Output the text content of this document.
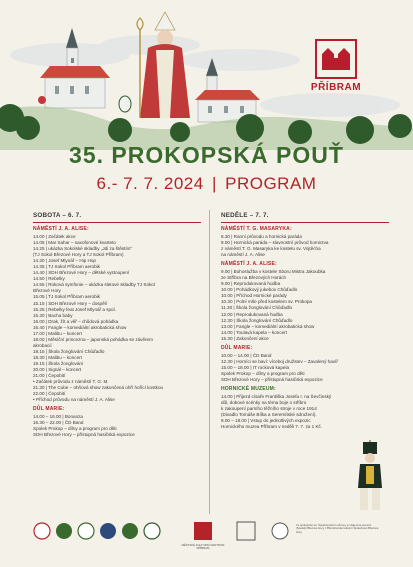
PŘÍBRAM
35. PROKOPSKÁ POUŤ
6.- 7. 7. 2024 | PROGRAM
SOBOTA – 6. 7.
NÁMĚSTÍ J. A. ALISE:
14.00 | Začátek akce
14.05 | Mar Sahar – saxofonové kvarteto
14.25 | ukázka Sokolské skladby „Jdi za štěstím“
(TJ Sokol Březové Hory a TJ Sokol Příbram)
14.30 | Josef Mlynář – Hip Hop
14.35 | TJ Sokol Příbram aerobik
14.40 | SDH Březové Hory – dětské vystoupení
14.50 | Rebelky
14.55 | Roková symfonie – ukázka sletové skladby TJ Sokol
Březové Hory
15.05 | TJ Sokol Příbram aerobik
15.15 | SDH Březové Hory – dospělí
15.25 | Rebelky feat Josef Mlynář a spol.
15.30 | Bacha baby
16.00 | Drak, žít a věř – chůdová pohádka
16.40 | Fangle – komediální akrobatická show
17.00 | Malibu – koncert
18.00 | Měsíční princezna – japonská pohádka se závěrem
akrobacií
18.15 | Škola žonglování Chůďadlo
18.30 | Malibu – koncert
19.15 | Škola žonglování
20.00 | Signál – koncert
21.00 | Čepobití
• Začátek průvodu z náměstí T. G. M.
21.30 | The Cube – ohňová show zakončená ohří hořící kostkou
22.00 | Čepobití
• Příchod průvodu na náměstí J. A. Alise
DŮL MARIE:
14.00 – 16.00 | Bonanza
16.30 – 22.00 | ČD Band
Spolek Prokop – dílny a program pro děti
SDH Březové Hory – přístupná hasičská expozice
NEDĚLE – 7. 7.
NÁMĚSTÍ T. G. MASARYKA:
8.30 | Ranní průvodu a hornická paráda
9.00 | Hornická paráda – slavnostní průvod hornictva
z náměstí T. G. Masaryka ke kostelu sv. Vojtěcha
na náměstí J. A. Alise
NÁMĚSTÍ J. A. ALISE:
9.00 | Bohoslužba v kostele Sboru Mistra Jakoubka
ze Stříbra na Březových Horách
9.00 | Reprodukovaná hudba
10.00 | Pohádkový jukebox Chůďadlo
10.00 | Příchod Hornické parády
10.30 | Polní mše před kostelem sv. Prokopa
11.30 | Škola žonglování Chůďadlo
12.00 | Reprodukovaná hudba
12.30 | Škola žonglování Chůďadlo
13.00 | Fangle – komediální akrobatická show
14.00 | Toulavá kapela – koncert
15.30 | Zakončení akce
DŮL MARIE:
10.00 – 14.00 | ČD Band
12.30 | Horníci se baví: víceboj družstev – Zavalený havíř
15.00 – 18.00 | IT rocková kapela
Spolek Prokop – dílny a program pro děti
SDH Březové Hory – přístupná hasičská expozice
HORNICKÉ MUZEUM:
14.00 | Přijezd císaře Františka Josefa I. na Ševčinský
důl, dobové scénky na téma boje o stříbro
k zakoupení parního těžního stroje v roce 1914
(Divadlo Tomáše Bílka a Seremítské sdružení).
9.00 – 18.00 | Vstup do jednotlivých expozic
Hornického muzea Příbram v neděli 7. 7. za 1 Kč.
MĚSTSKÉ KULTURNÍ CENTRUM PŘÍBRAM
Ve spolupráci se: Společenstvím obnovy a vzájemné pomoci (Spolek) Březové Hory z Březohorské kulturní Společnost Březové Hory
